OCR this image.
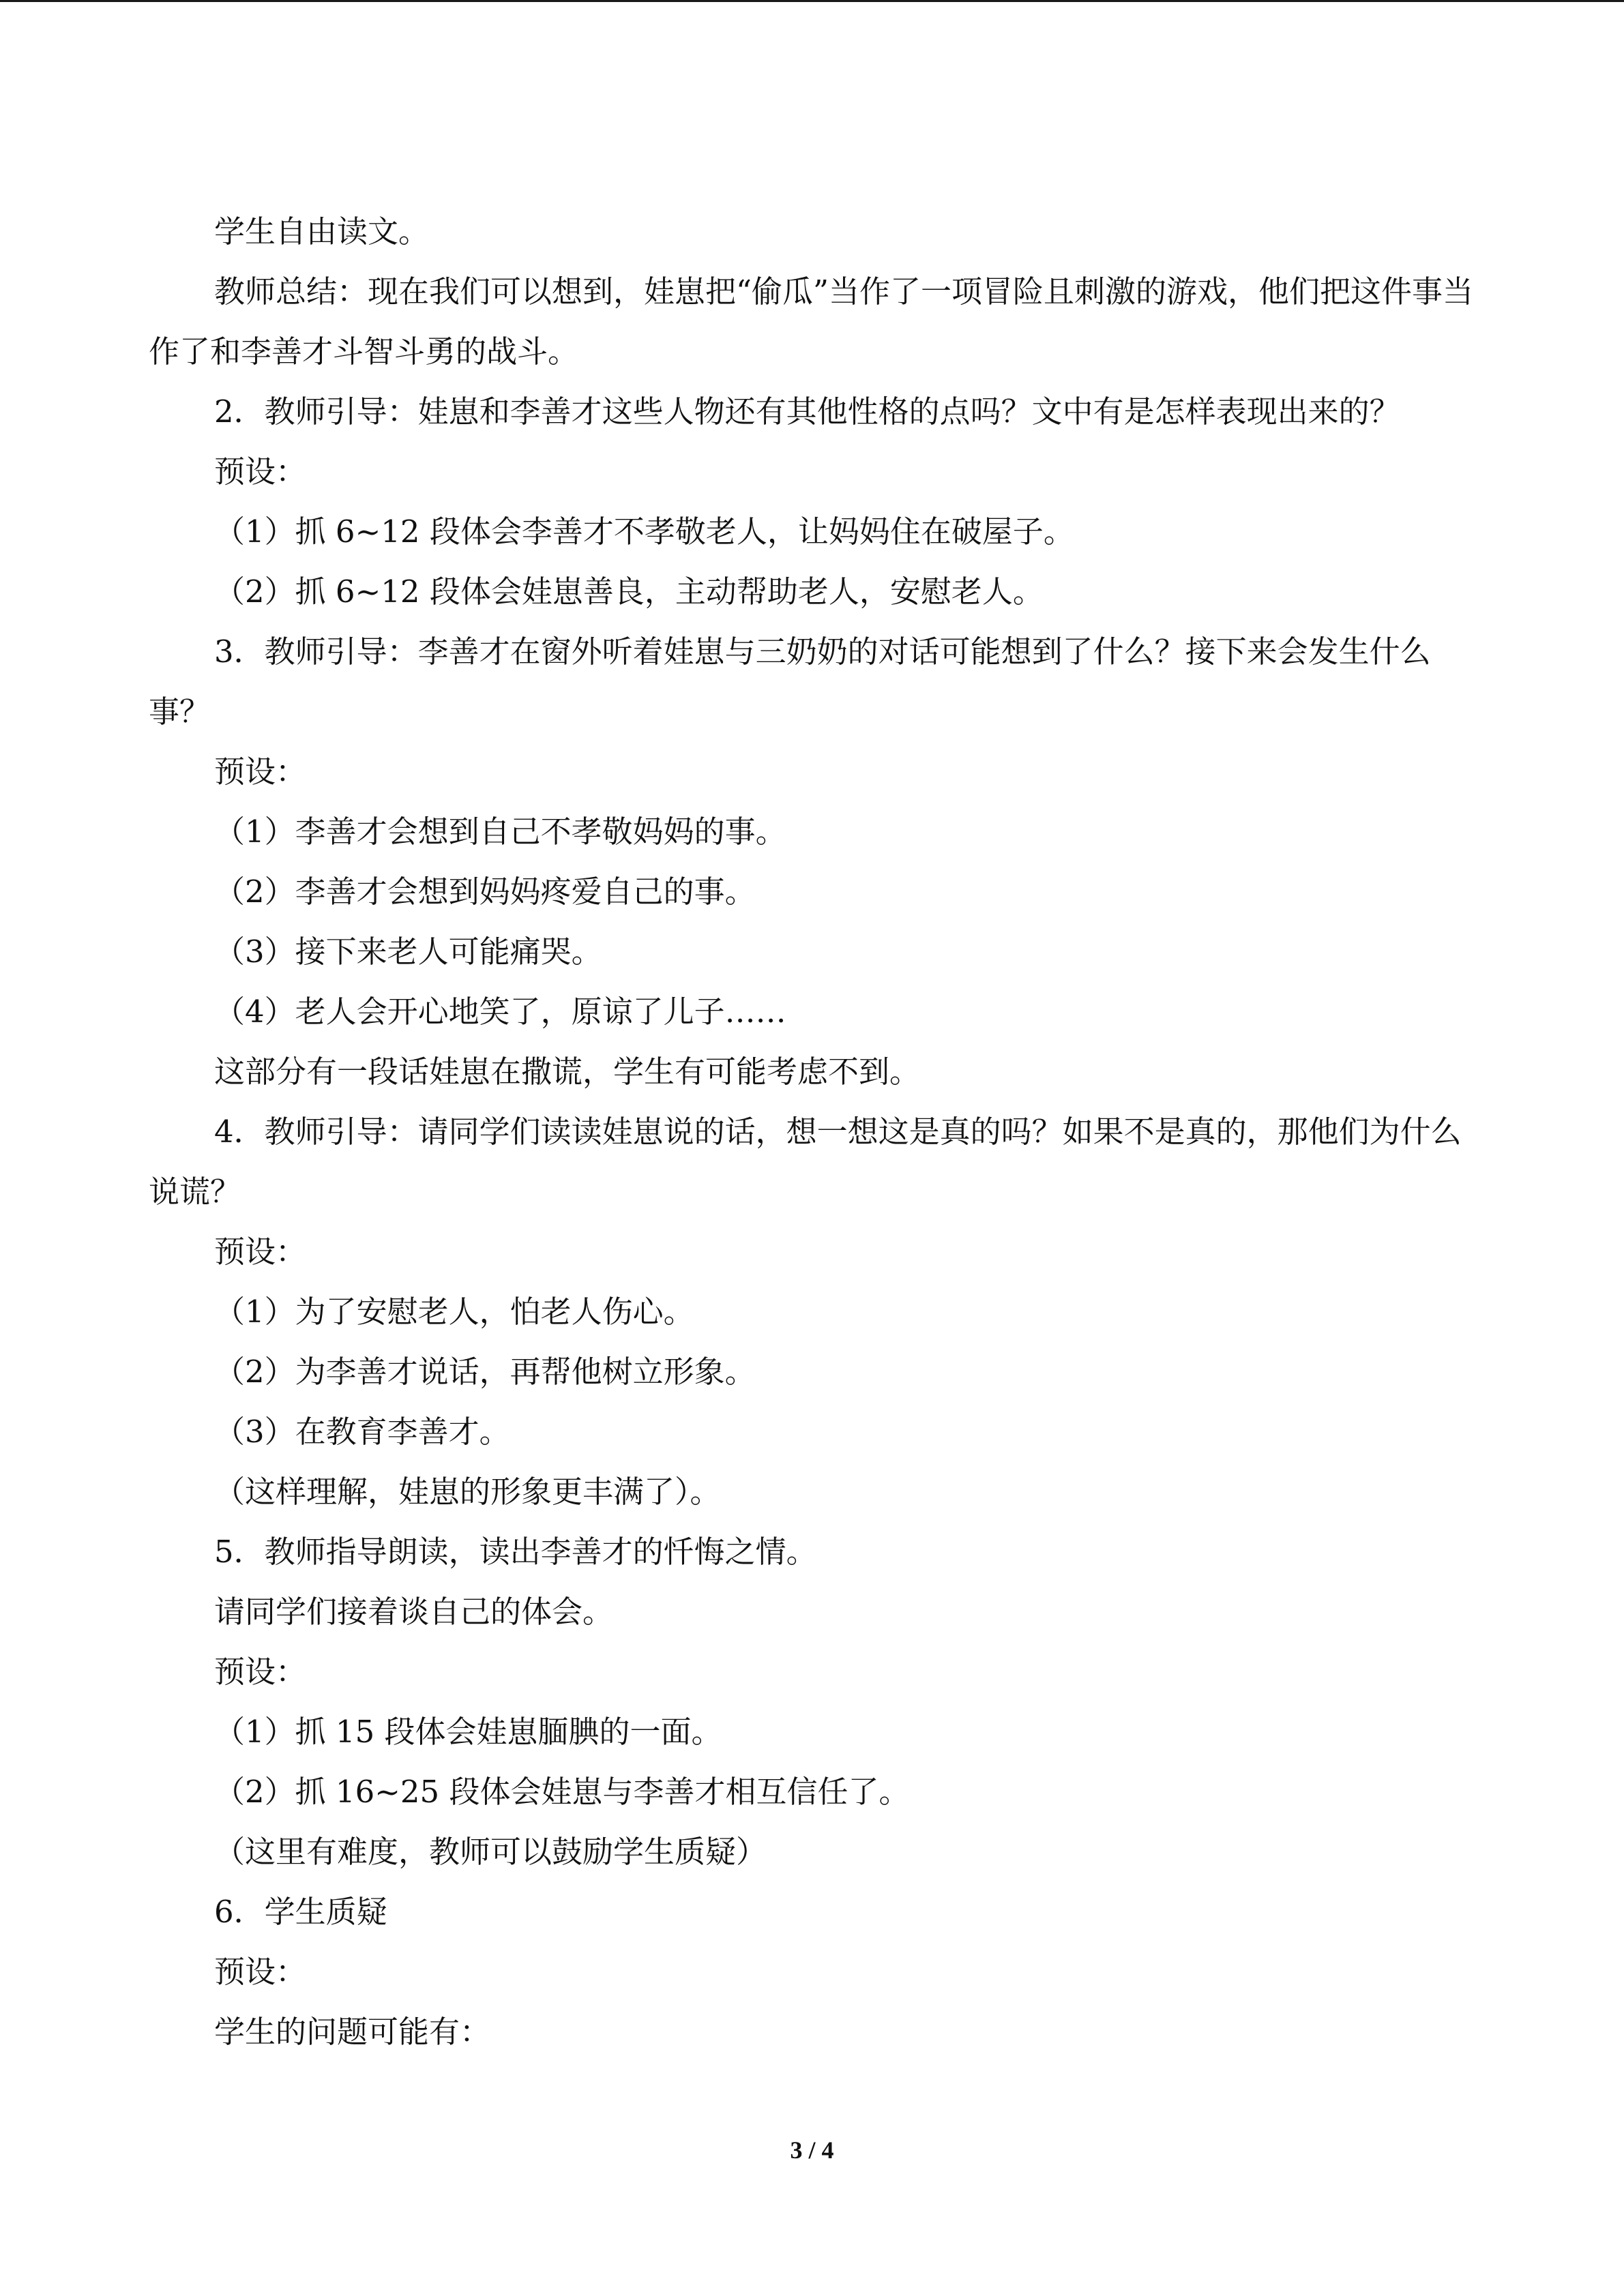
学生自由读文。

教师总结：现在我们可以想到，娃崽把“偷瓜”当作了一项冒险且刺激的游戏，他们把这件事当作了和李善才斗智斗勇的战斗。

2．教师引导：娃崽和李善才这些人物还有其他性格的点吗？文中有是怎样表现出来的？

预设：

（1）抓 6~12 段体会李善才不孝敬老人，让妈妈住在破屋子。

（2）抓 6~12 段体会娃崽善良，主动帮助老人，安慰老人。

3．教师引导：李善才在窗外听着娃崽与三奶奶的对话可能想到了什么？接下来会发生什么事？

预设：

（1）李善才会想到自己不孝敬妈妈的事。

（2）李善才会想到妈妈疼爱自己的事。

（3）接下来老人可能痛哭。

（4）老人会开心地笑了，原谅了儿子……

这部分有一段话娃崽在撒谎，学生有可能考虑不到。

4．教师引导：请同学们读读娃崽说的话，想一想这是真的吗？如果不是真的，那他们为什么说谎？

预设：

（1）为了安慰老人，怕老人伤心。

（2）为李善才说话，再帮他树立形象。

（3）在教育李善才。

（这样理解，娃崽的形象更丰满了）。

5．教师指导朗读，读出李善才的忏悔之情。

请同学们接着谈自己的体会。

预设：

（1）抓 15 段体会娃崽腼腆的一面。

（2）抓 16~25 段体会娃崽与李善才相互信任了。

（这里有难度，教师可以鼓励学生质疑）

6．学生质疑

预设：

学生的问题可能有：

3 / 4
